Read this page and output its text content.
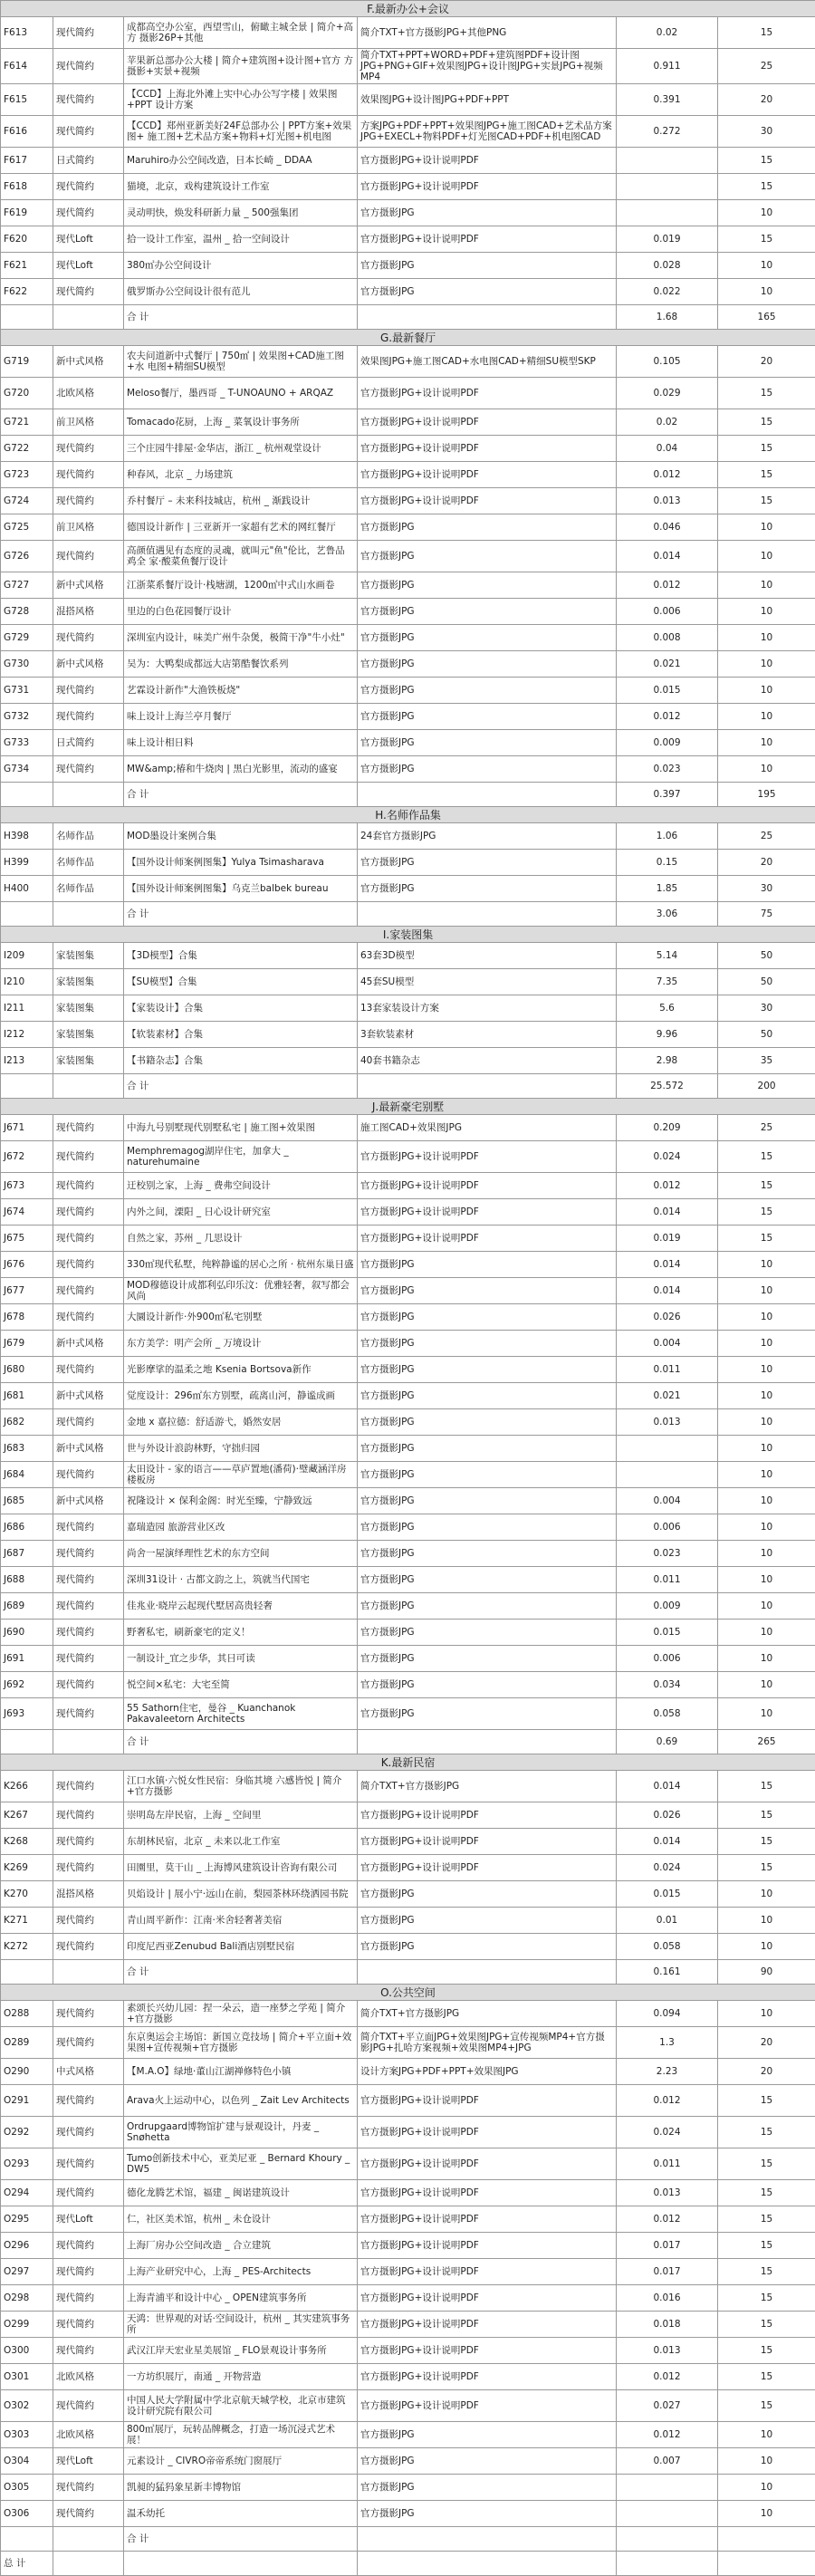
F.最新办公+会议					
F613	现代简约	成都高空办公室，西望雪山，俯瞰主城全景 | 简介+高方 摄影26P+其他	简介TXT+官方摄影JPG+其他PNG	0.02	15
F614	现代简约	苹果新总部办公大楼 | 简介+建筑图+设计图+官方 方摄影+实景+视频	简介TXT+PPT+WORD+PDF+建筑图PDF+设计图JPG+PNG+GIF+效果图JPG+设计图JPG+实景JPG+视频MP4	0.911	25
F615	现代简约	【CCD】上海北外滩上实中心办公写字楼 | 效果图+PPT 设计方案	效果图JPG+设计图JPG+PDF+PPT	0.391	20
F616	现代简约	【CCD】郑州亚新美好24F总部办公 | PPT方案+效果图+ 施工图+艺术品方案+物料+灯光图+机电图	方案JPG+PDF+PPT+效果图JPG+施工图CAD+艺术品方案JPG+EXECL+物料PDF+灯光图CAD+PDF+机电图CAD	0.272	30
F617	日式简约	Maruhiro办公空间改造，日本长崎 _ DDAA	官方摄影JPG+设计说明PDF		15
F618	现代简约	猫境，北京，戏构建筑设计工作室	官方摄影JPG+设计说明PDF		15
F619	现代简约	灵动明快，焕发科研新力量 _ 500强集团	官方摄影JPG		10
F620	现代Loft	拾一设计工作室，温州 _ 拾一空间设计	官方摄影JPG+设计说明PDF	0.019	15
F621	现代Loft	380㎡办公空间设计	官方摄影JPG	0.028	10
F622	现代简约	俄罗斯办公空间设计很有范儿	官方摄影JPG	0.022	10
		合 计		1.68	165
G.最新餐厅					
G719	新中式风格	农夫问道新中式餐厅 | 750㎡ | 效果图+CAD施工图+水 电图+精细SU模型	效果图JPG+施工图CAD+水电图CAD+精细SU模型SKP	0.105	20
G720	北欧风格	Meloso餐厅，墨西哥 _ T-UNOAUNO + ARQAZ	官方摄影JPG+设计说明PDF	0.029	15
G721	前卫风格	Tomacado花厨，上海 _ 菜氧设计事务所	官方摄影JPG+设计说明PDF	0.02	15
G722	现代简约	三个庄园牛排屋·金华店，浙江 _ 杭州观堂设计	官方摄影JPG+设计说明PDF	0.04	15
G723	现代简约	种春风，北京 _ 力场建筑	官方摄影JPG+设计说明PDF	0.012	15
G724	现代简约	乔村餐厅 – 未来科技城店，杭州 _ 渐践设计	官方摄影JPG+设计说明PDF	0.013	15
G725	前卫风格	德国设计新作 | 三亚新开一家超有艺术的网红餐厅	官方摄影JPG	0.046	10
G726	现代简约	高颜值遇见有态度的灵魂，就叫元"鱼"伦比，艺鲁品鸡全 家·酸菜鱼餐厅设计	官方摄影JPG	0.014	10
G727	新中式风格	江浙菜系餐厅设计·栈塘湖，1200㎡中式山水画卷	官方摄影JPG	0.012	10
G728	混搭风格	里边的白色花园餐厅设计	官方摄影JPG	0.006	10
G729	现代简约	深圳室内设计，味美广州牛杂煲，极简干净"牛小灶"	官方摄影JPG	0.008	10
G730	新中式风格	吴为：大鸭梨成都远大店第酷餐饮系列	官方摄影JPG	0.021	10
G731	现代简约	艺霖设计新作"大渔铁板烧"	官方摄影JPG	0.015	10
G732	现代简约	味上设计上海兰亭月餐厅	官方摄影JPG	0.012	10
G733	日式简约	味上设计相日料	官方摄影JPG	0.009	10
G734	现代简约	MW&amp;椿和牛烧肉 | 黑白光影里，流动的盛宴	官方摄影JPG	0.023	10
		合 计		0.397	195
H.名师作品集					
H398	名师作品	MOD墨设计案例合集	24套官方摄影JPG	1.06	25
H399	名师作品	【国外设计师案例图集】Yulya Tsimasharava	官方摄影JPG	0.15	20
H400	名师作品	【国外设计师案例图集】乌克兰balbek bureau	官方摄影JPG	1.85	30
		合 计		3.06	75
I.家装图集					
I209	家装图集	【3D模型】合集	63套3D模型	5.14	50
I210	家装图集	【SU模型】合集	45套SU模型	7.35	50
I211	家装图集	【家装设计】合集	13套家装设计方案	5.6	30
I212	家装图集	【软装素材】合集	3套软装素材	9.96	50
I213	家装图集	【书籍杂志】合集	40套书籍杂志	2.98	35
		合 计		25.572	200
J.最新豪宅别墅					
J671	现代简约	中海九号别墅现代别墅私宅 | 施工图+效果图	施工图CAD+效果图JPG	0.209	25
J672	现代简约	Memphremagog湖岸住宅，加拿大 _ naturehumaine	官方摄影JPG+设计说明PDF	0.024	15
J673	现代简约	迂校别之家，上海 _ 费弗空间设计	官方摄影JPG+设计说明PDF	0.012	15
J674	现代简约	内外之间，溧阳 _ 日心设计研究室	官方摄影JPG+设计说明PDF	0.014	15
J675	现代简约	自然之家，苏州 _ 几思设计	官方摄影JPG+设计说明PDF	0.019	15
J676	现代简约	330㎡现代私墅，纯粹静谧的居心之所 · 杭州东巢日盛	官方摄影JPG	0.014	10
J677	现代简约	MOD穆德设计成都利弘印乐汶：优雅轻奢，叙写都会风尚	官方摄影JPG	0.014	10
J678	现代简约	大圜设计新作·外900㎡私宅别墅	官方摄影JPG	0.026	10
J679	新中式风格	东方美学：明产会所 _ 万境设计	官方摄影JPG	0.004	10
J680	现代简约	光影摩挲的温柔之地 Ksenia Bortsova新作	官方摄影JPG	0.011	10
J681	新中式风格	觉度设计：296㎡东方别墅，疏离山河，静谧成画	官方摄影JPG	0.021	10
J682	现代简约	金地 x 嘉拉德：舒适游弋，婚然安居	官方摄影JPG	0.013	10
J683	新中式风格	世与外设计浪韵林野，守拙归园	官方摄影JPG		10
J684	现代简约	太田设计 - 家的语言——草庐置地(潘荷)·璧藏涵洋房楼板房	官方摄影JPG		10
J685	新中式风格	祝隆设计 × 保利金阁：时光至臻，宁静致远	官方摄影JPG	0.004	10
J686	现代简约	嘉瑞造园 旅游营业区改	官方摄影JPG	0.006	10
J687	现代简约	尚舍一屋演绎理性艺术的东方空间	官方摄影JPG	0.023	10
J688	现代简约	深圳31设计 · 古都文韵之上，筑就当代国宅	官方摄影JPG	0.011	10
J689	现代简约	佳兆业·晓岸云起现代墅居高贵轻奢	官方摄影JPG	0.009	10
J690	现代简约	野奢私宅，刷新豪宅的定义！	官方摄影JPG	0.015	10
J691	现代简约	一制设计_宜之步华，其日可读	官方摄影JPG	0.006	10
J692	现代简约	悦空间×私宅：大宅至简	官方摄影JPG	0.034	10
J693	现代简约	55 Sathorn住宅，曼谷 _ Kuanchanok Pakavaleetorn Architects	官方摄影JPG	0.058	10
		合 计		0.69	265
K.最新民宿					
K266	现代简约	江口水镇·六悦女性民宿：身临其境 六感皆悦 | 简介+官方摄影	简介TXT+官方摄影JPG	0.014	15
K267	现代简约	崇明岛左岸民宿，上海 _ 空间里	官方摄影JPG+设计说明PDF	0.026	15
K268	现代简约	东胡林民宿，北京 _ 未来以北工作室	官方摄影JPG+设计说明PDF	0.014	15
K269	现代简约	田園里，莫干山 _ 上海博风建筑设计咨询有限公司	官方摄影JPG+设计说明PDF	0.024	15
K270	混搭风格	贝焰设计 | 展小宁·远山在前，梨园茶林环绕洒园书院	官方摄影JPG	0.015	10
K271	现代简约	青山周平新作：江南·米舍轻奢著美宿	官方摄影JPG	0.01	10
K272	现代简约	印度尼西亚Zenubud Bali酒店别墅民宿	官方摄影JPG	0.058	10
		合 计		0.161	90
O.公共空间					
O288	现代简约	素颂长兴幼儿园：捏一朵云，造一座梦之学苑 | 简介+官方摄影	简介TXT+官方摄影JPG	0.094	10
O289	现代简约	东京奥运会主场馆：新国立竞技场 | 简介+平立面+效果图+宣传视频+官方摄影	简介TXT+平立面JPG+效果图JPG+宣传视频MP4+官方摄影JPG+扎哈方案视频+效果图MP4+JPG	1.3	20
O290	中式风格	【M.A.O】绿地·董山江湖禅修特色小镇	设计方案JPG+PDF+PPT+效果图JPG	2.23	20
O291	现代简约	Arava火上运动中心，以色列 _ Zait Lev Architects	官方摄影JPG+设计说明PDF	0.012	15
O292	现代简约	Ordrupgaard博物馆扩建与景观设计，丹麦 _ Snøhetta	官方摄影JPG+设计说明PDF	0.024	15
O293	现代简约	Tumo创新技术中心，亚美尼亚 _ Bernard Khoury _ DW5	官方摄影JPG+设计说明PDF	0.011	15
O294	现代简约	德化龙腾艺术馆，福建 _ 闽诺建筑设计	官方摄影JPG+设计说明PDF	0.013	15
O295	现代Loft	仁，社区美术馆，杭州 _ 未仓设计	官方摄影JPG+设计说明PDF	0.012	15
O296	现代简约	上海厂房办公空间改造 _ 合立建筑	官方摄影JPG+设计说明PDF	0.017	15
O297	现代简约	上海产业研究中心，上海 _ PES-Architects	官方摄影JPG+设计说明PDF	0.017	15
O298	现代简约	上海青浦平和设计中心 _ OPEN建筑事务所	官方摄影JPG+设计说明PDF	0.016	15
O299	现代简约	天鸿：世界观的对话·空间设计，杭州 _ 其实建筑事务所	官方摄影JPG+设计说明PDF	0.018	15
O300	现代简约	武汉江岸天宏业星美展馆 _ FLO景观设计事务所	官方摄影JPG+设计说明PDF	0.013	15
O301	北欧风格	一方坊织展厅，南通 _ 开物营造	官方摄影JPG+设计说明PDF	0.012	15
O302	现代简约	中国人民大学附属中学北京航天城学校，北京市建筑设计研究院有限公司	官方摄影JPG+设计说明PDF	0.027	15
O303	北欧风格	800㎡展厅，玩转品牌概念，打造一场沉浸式艺术展！	官方摄影JPG	0.012	10
O304	现代Loft	元素设计 _ CIVRO帝帝系统门窗展厅	官方摄影JPG	0.007	10
O305	现代简约	凯昶的猛犸象星新丰博物馆	官方摄影JPG		10
O306	现代简约	温禾幼托	官方摄影JPG		10
		合 计			
总 计					
